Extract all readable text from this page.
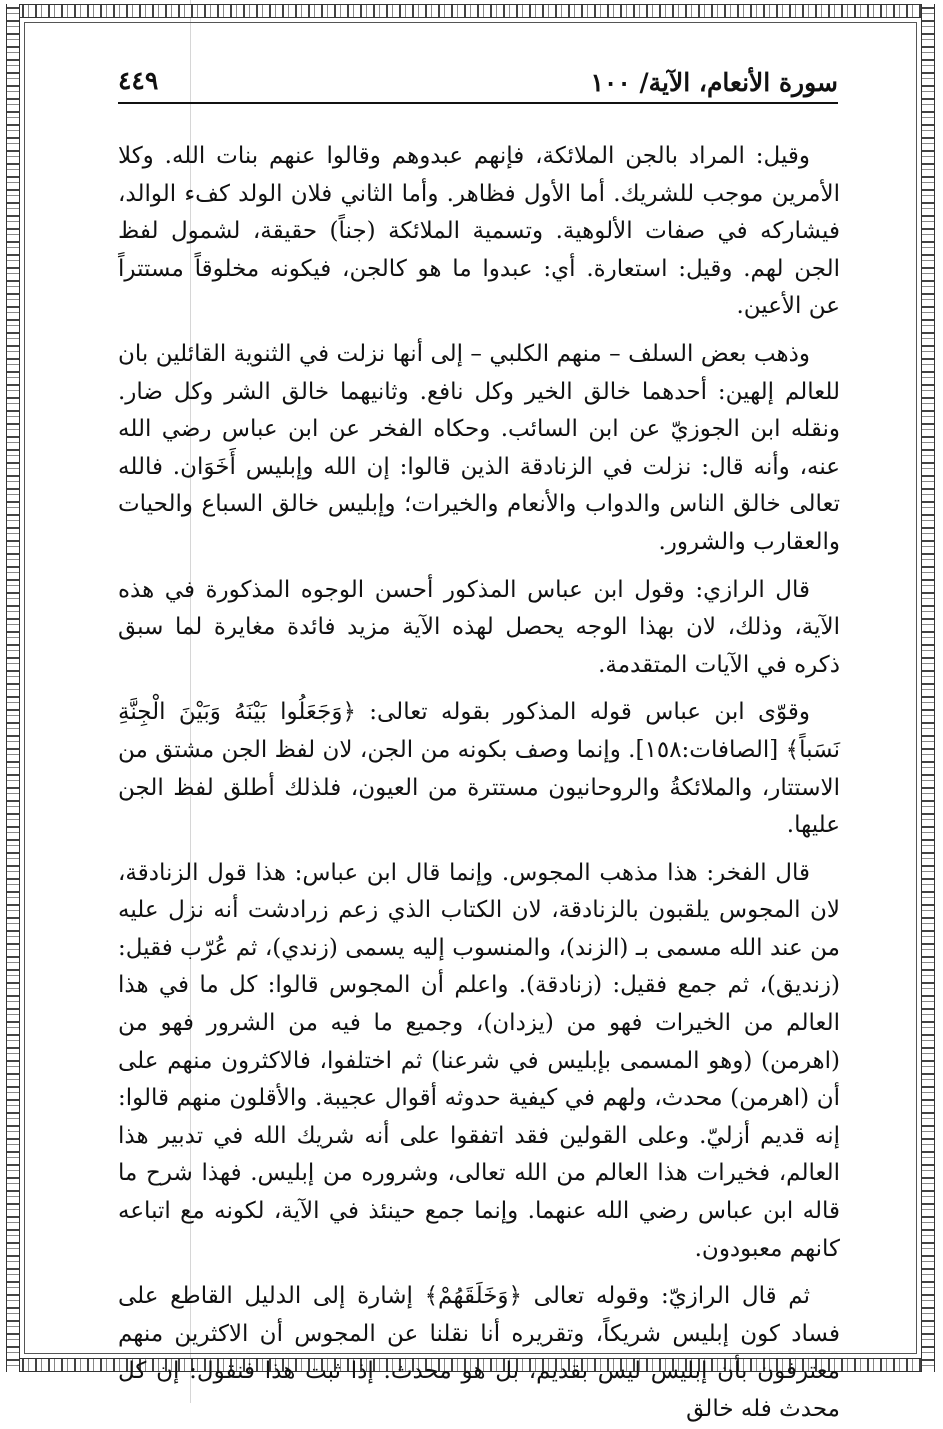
سورة الأنعام، الآية/ ١٠٠
٤٤٩

وقيل: المراد بالجن الملائكة، فإنهم عبدوهم وقالوا عنهم بنات الله. وكلا الأمرين موجب للشريك. أما الأول فظاهر. وأما الثاني فلان الولد كفء الوالد، فيشاركه في صفات الألوهية. وتسمية الملائكة (جناً) حقيقة، لشمول لفظ الجن لهم. وقيل: استعارة. أي: عبدوا ما هو كالجن، فيكونه مخلوقاً مستتراً عن الأعين.

وذهب بعض السلف – منهم الكلبي – إلى أنها نزلت في الثنوية القائلين بان للعالم إلهين: أحدهما خالق الخير وكل نافع. وثانيهما خالق الشر وكل ضار. ونقله ابن الجوزيّ عن ابن السائب. وحكاه الفخر عن ابن عباس رضي الله عنه، وأنه قال: نزلت في الزنادقة الذين قالوا: إن الله وإبليس أَخَوَان. فالله تعالى خالق الناس والدواب والأنعام والخيرات؛ وإبليس خالق السباع والحيات والعقارب والشرور.

قال الرازي: وقول ابن عباس المذكور أحسن الوجوه المذكورة في هذه الآية، وذلك، لان بهذا الوجه يحصل لهذه الآية مزيد فائدة مغايرة لما سبق ذكره في الآيات المتقدمة.

وقوّى ابن عباس قوله المذكور بقوله تعالى: ﴿وَجَعَلُوا بَيْنَهُ وَبَيْنَ الْجِنَّةِ نَسَباً﴾ [الصافات:١٥٨]. وإنما وصف بكونه من الجن، لان لفظ الجن مشتق من الاستتار، والملائكةُ والروحانيون مستترة من العيون، فلذلك أطلق لفظ الجن عليها.

قال الفخر: هذا مذهب المجوس. وإنما قال ابن عباس: هذا قول الزنادقة، لان المجوس يلقبون بالزنادقة، لان الكتاب الذي زعم زرادشت أنه نزل عليه من عند الله مسمى بـ (الزند)، والمنسوب إليه يسمى (زندي)، ثم عُرّب فقيل: (زنديق)، ثم جمع فقيل: (زنادقة). واعلم أن المجوس قالوا: كل ما في هذا العالم من الخيرات فهو من (يزدان)، وجميع ما فيه من الشرور فهو من (اهرمن) (وهو المسمى بإبليس في شرعنا) ثم اختلفوا، فالاكثرون منهم على أن (اهرمن) محدث، ولهم في كيفية حدوثه أقوال عجيبة. والأقلون منهم قالوا: إنه قديم أزليّ. وعلى القولين فقد اتفقوا على أنه شريك الله في تدبير هذا العالم، فخيرات هذا العالم من الله تعالى، وشروره من إبليس. فهذا شرح ما قاله ابن عباس رضي الله عنهما. وإنما جمع حينئذ في الآية، لكونه مع اتباعه كانهم معبودون.

ثم قال الرازيّ: وقوله تعالى ﴿وَخَلَقَهُمْ﴾ إشارة إلى الدليل القاطع على فساد كون إبليس شريكاً، وتقريره أنا نقلنا عن المجوس أن الاكثرين منهم معترفون بأن إبليس ليس بقديم، بل هو محدث. إذا ثبت هذا فنقول: إن كل محدث فله خالق
